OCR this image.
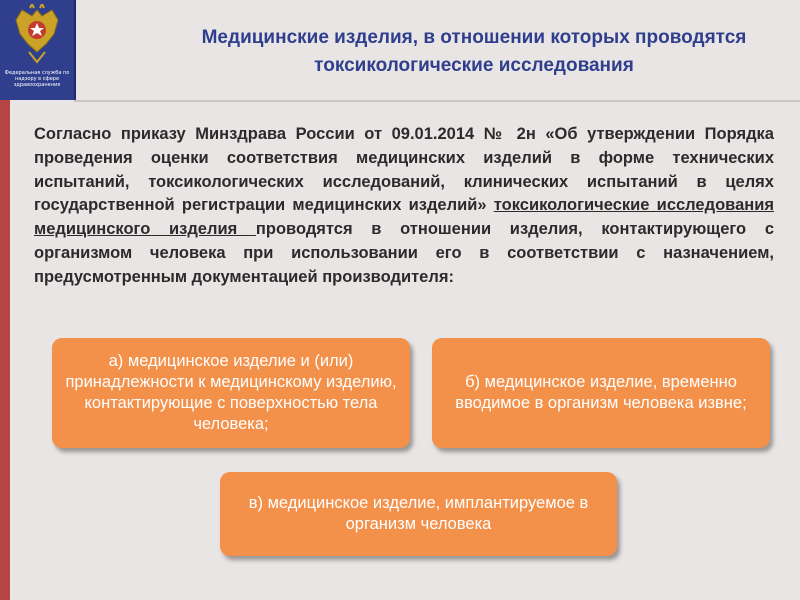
Медицинские изделия, в отношении которых проводятся токсикологические исследования
Федеральная служба по надзору в сфере здравоохранения
Согласно приказу Минздрава России от 09.01.2014 № 2н «Об утверждении Порядка проведения оценки соответствия медицинских изделий в форме технических испытаний, токсикологических исследований, клинических испытаний в целях государственной регистрации медицинских изделий» токсикологические исследования медицинского изделия проводятся в отношении изделия, контактирующего с организмом человека при использовании его в соответствии с назначением, предусмотренным документацией производителя:
а) медицинское изделие и (или) принадлежности к медицинскому изделию, контактирующие с поверхностью тела человека;
б) медицинское изделие, временно вводимое в организм человека извне;
в) медицинское изделие, имплантируемое в организм человека
